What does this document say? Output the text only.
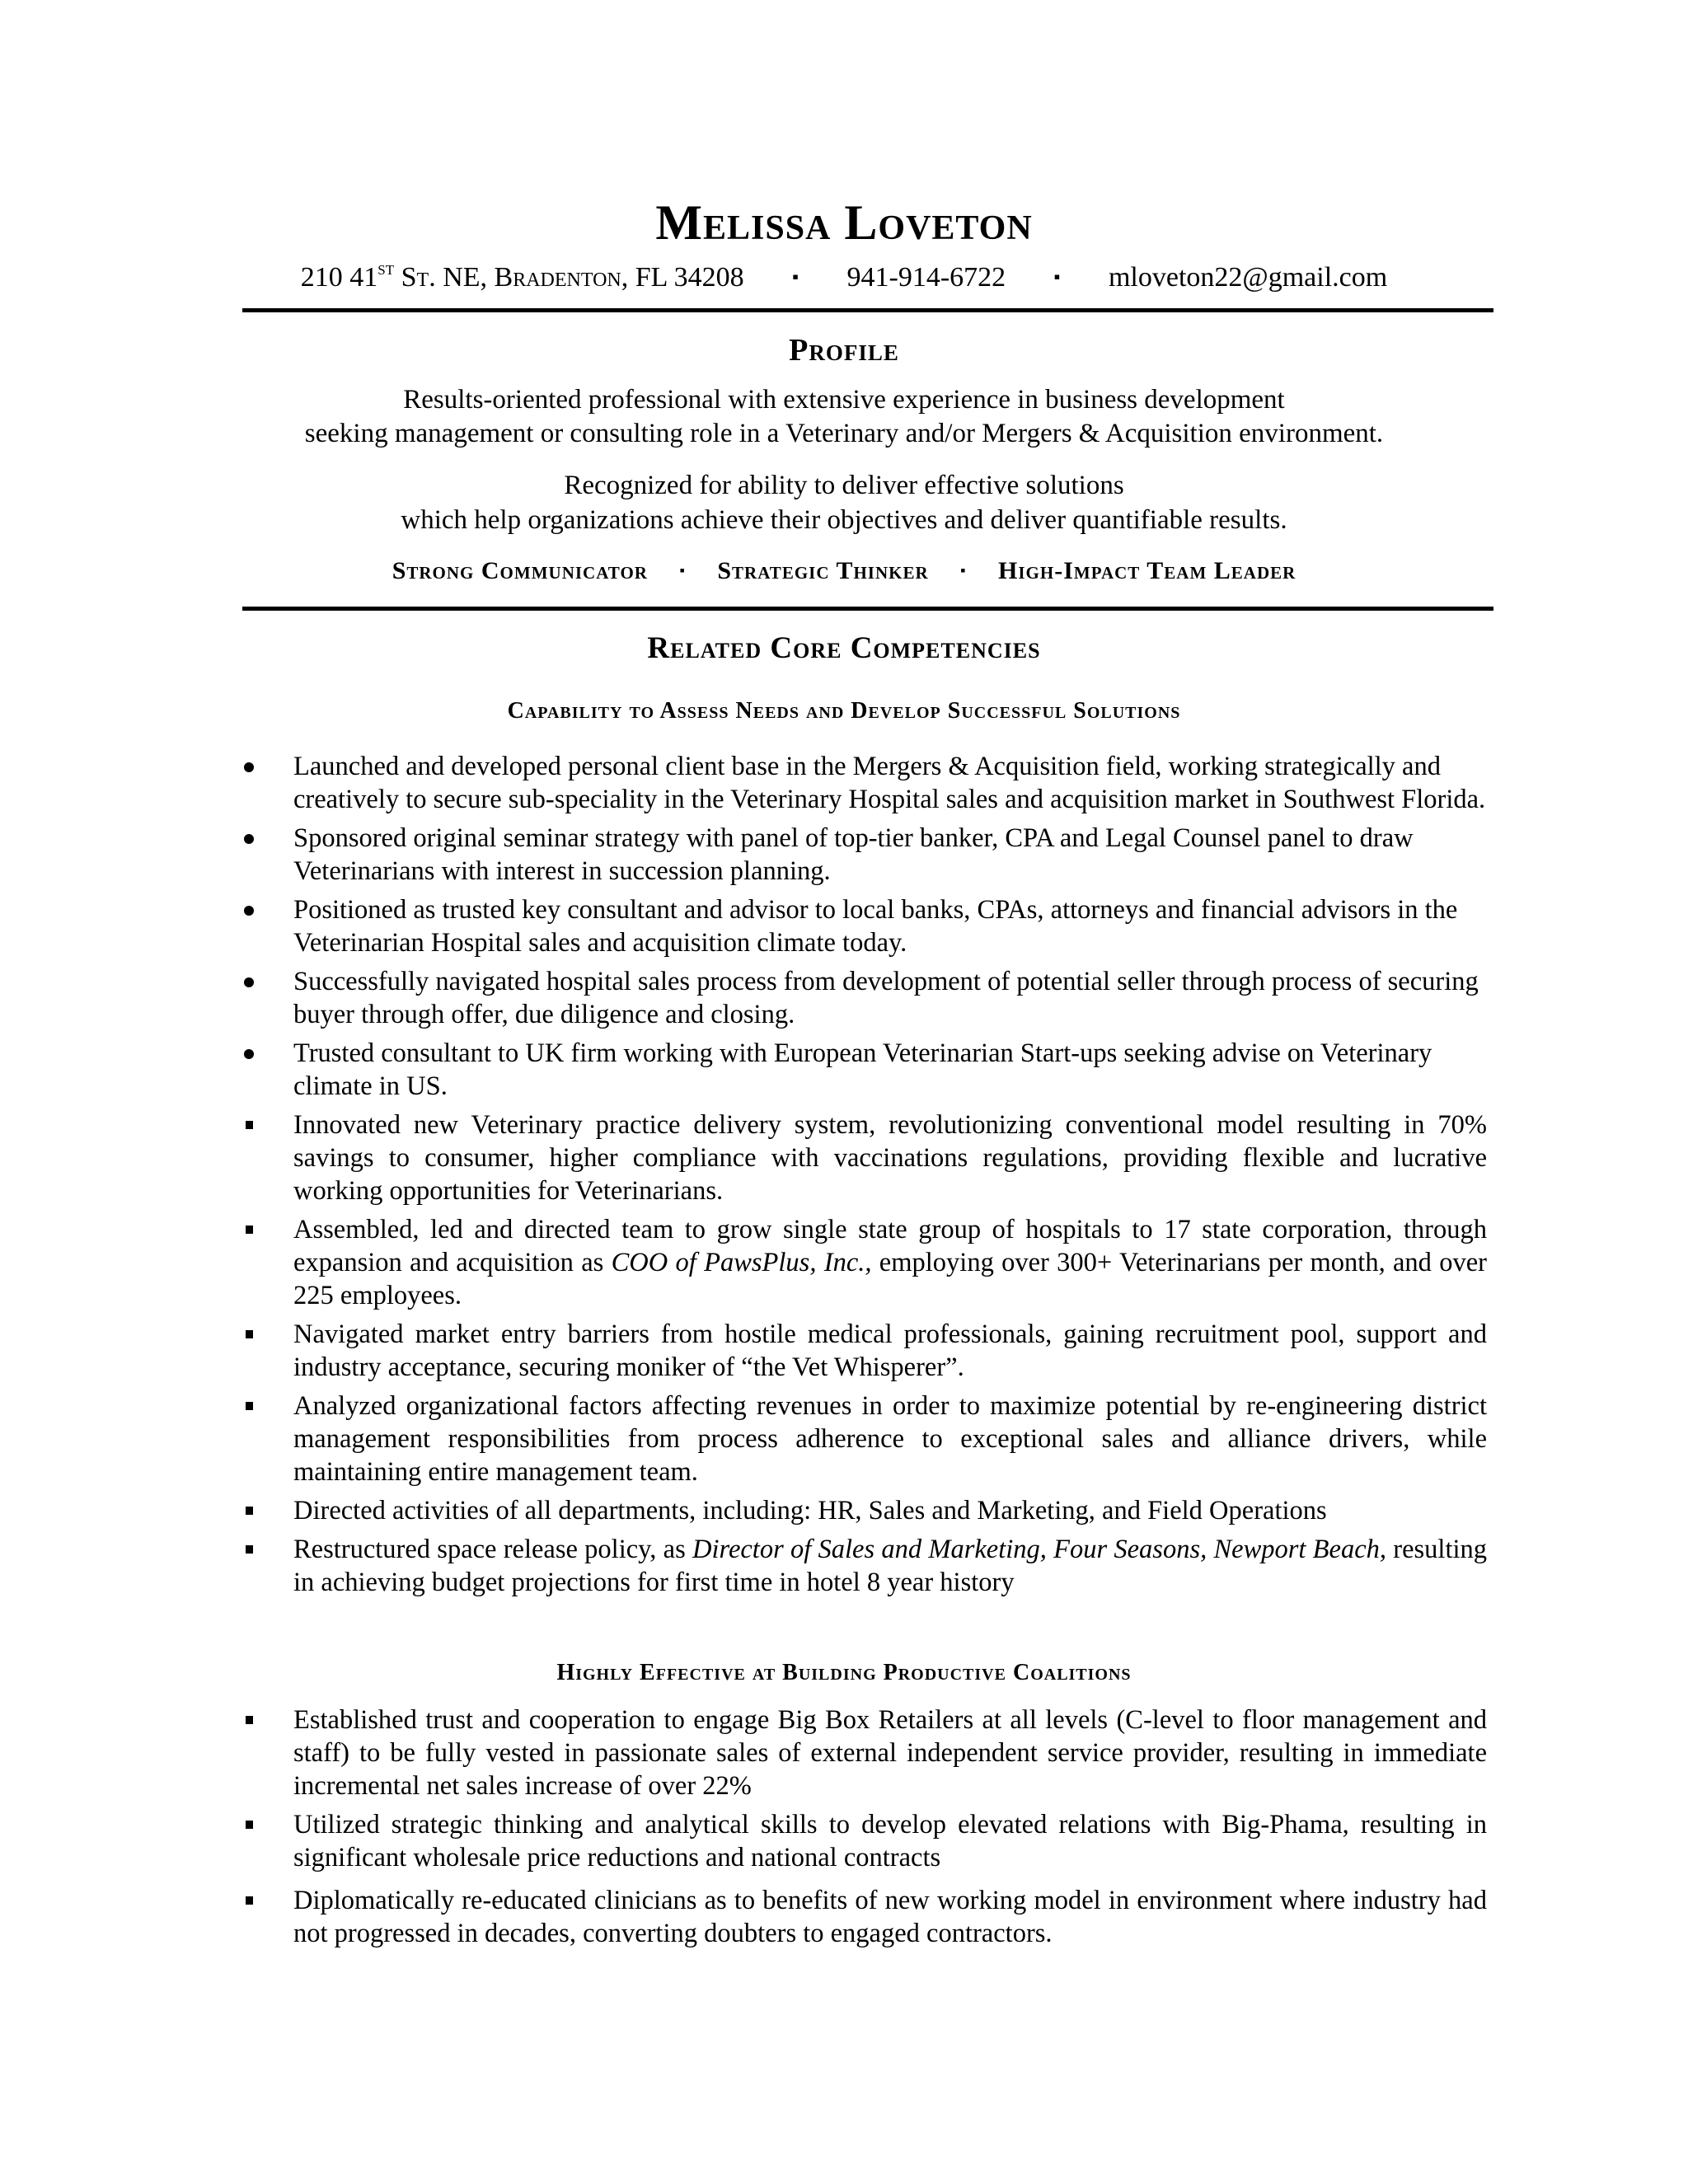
Melissa Loveton
210 41ST St. NE, Bradenton, FL 34208	▪ 941-914-6722	▪ mloveton22@gmail.com
Profile
Results-oriented professional with extensive experience in business development
seeking management or consulting role in a Veterinary and/or Mergers & Acquisition environment.
Recognized for ability to deliver effective solutions
which help organizations achieve their objectives and deliver quantifiable results.
Strong Communicator ▪ Strategic Thinker ▪ High-Impact Team Leader
Related Core Competencies
Capability to Assess Needs and Develop Successful Solutions
Launched and developed personal client base in the Mergers & Acquisition field, working strategically and creatively to secure sub-speciality in the Veterinary Hospital sales and acquisition market in Southwest Florida.
Sponsored original seminar strategy with panel of top-tier banker, CPA and Legal Counsel panel to draw Veterinarians with interest in succession planning.
Positioned as trusted key consultant and advisor to local banks, CPAs, attorneys and financial advisors in the Veterinarian Hospital sales and acquisition climate today.
Successfully navigated hospital sales process from development of potential seller through process of securing buyer through offer, due diligence and closing.
Trusted consultant to UK firm working with European Veterinarian Start-ups seeking advise on Veterinary climate in US.
Innovated new Veterinary practice delivery system, revolutionizing conventional model resulting in 70% savings to consumer, higher compliance with vaccinations regulations, providing flexible and lucrative working opportunities for Veterinarians.
Assembled, led and directed team to grow single state group of hospitals to 17 state corporation, through expansion and acquisition as COO of PawsPlus, Inc., employing over 300+ Veterinarians per month, and over 225 employees.
Navigated market entry barriers from hostile medical professionals, gaining recruitment pool, support and industry acceptance, securing moniker of “the Vet Whisperer”.
Analyzed organizational factors affecting revenues in order to maximize potential by re-engineering district management responsibilities from process adherence to exceptional sales and alliance drivers, while maintaining entire management team.
Directed activities of all departments, including: HR, Sales and Marketing, and Field Operations
Restructured space release policy, as Director of Sales and Marketing, Four Seasons, Newport Beach, resulting in achieving budget projections for first time in hotel 8 year history
Highly Effective at Building Productive Coalitions
Established trust and cooperation to engage Big Box Retailers at all levels (C-level to floor management and staff) to be fully vested in passionate sales of external independent service provider, resulting in immediate incremental net sales increase of over 22%
Utilized strategic thinking and analytical skills to develop elevated relations with Big-Phama, resulting in significant wholesale price reductions and national contracts
Diplomatically re-educated clinicians as to benefits of new working model in environment where industry had not progressed in decades, converting doubters to engaged contractors.
